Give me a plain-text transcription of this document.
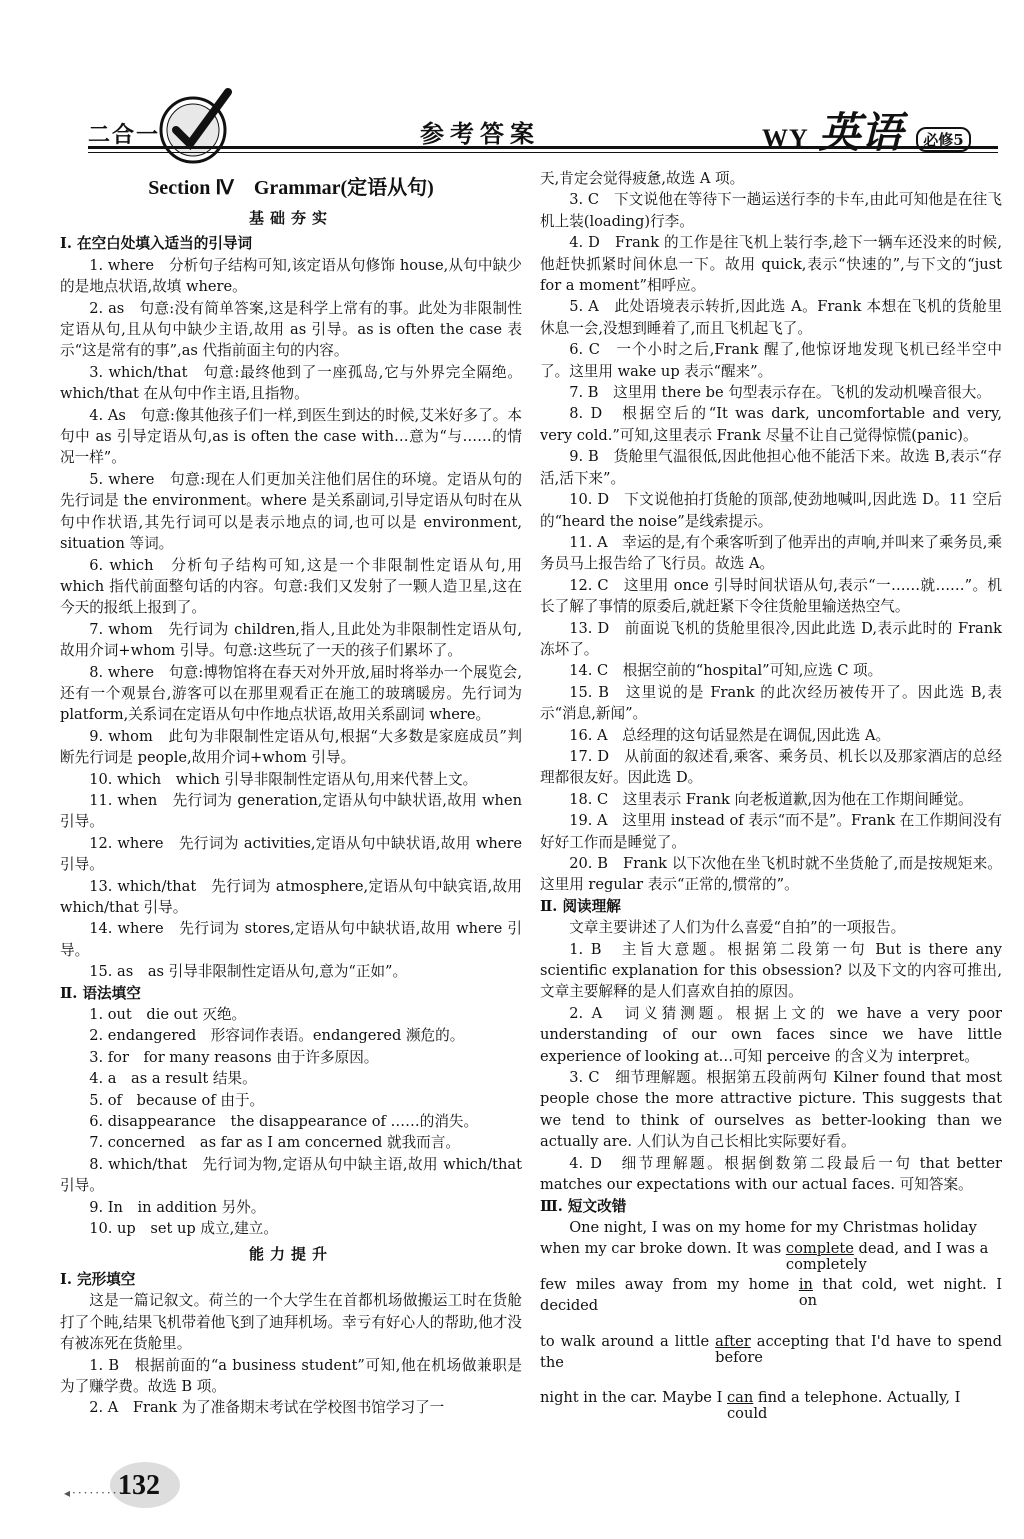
二合一	参考答案	WY 英语 必修5

Section Ⅳ　Grammar(定语从句)

基础夯实

Ⅰ. 在空白处填入适当的引导词

1. where　分析句子结构可知,该定语从句修饰 house,从句中缺少的是地点状语,故填 where。

2. as　句意:没有简单答案,这是科学上常有的事。此处为非限制性定语从句,且从句中缺少主语,故用 as 引导。as is often the case 表示“这是常有的事”,as 代指前面主句的内容。

3. which/that　句意:最终他到了一座孤岛,它与外界完全隔绝。which/that 在从句中作主语,且指物。

4. As　句意:像其他孩子们一样,到医生到达的时候,艾米好多了。本句中 as 引导定语从句,as is often the case with…意为“与……的情况一样”。

5. where　句意:现在人们更加关注他们居住的环境。定语从句的先行词是 the environment。where 是关系副词,引导定语从句时在从句中作状语,其先行词可以是表示地点的词,也可以是 environment, situation 等词。

6. which　分析句子结构可知,这是一个非限制性定语从句,用 which 指代前面整句话的内容。句意:我们又发射了一颗人造卫星,这在今天的报纸上报到了。

7. whom　先行词为 children,指人,且此处为非限制性定语从句,故用介词+whom 引导。句意:这些玩了一天的孩子们累坏了。

8. where　句意:博物馆将在春天对外开放,届时将举办一个展览会,还有一个观景台,游客可以在那里观看正在施工的玻璃暖房。先行词为 platform,关系词在定语从句中作地点状语,故用关系副词 where。

9. whom　此句为非限制性定语从句,根据“大多数是家庭成员”判断先行词是 people,故用介词+whom 引导。

10. which　which 引导非限制性定语从句,用来代替上文。

11. when　先行词为 generation,定语从句中缺状语,故用 when 引导。

12. where　先行词为 activities,定语从句中缺状语,故用 where 引导。

13. which/that　先行词为 atmosphere,定语从句中缺宾语,故用 which/that 引导。

14. where　先行词为 stores,定语从句中缺状语,故用 where 引导。

15. as　as 引导非限制性定语从句,意为“正如”。

Ⅱ. 语法填空

1. out　die out 灭绝。

2. endangered　形容词作表语。endangered 濒危的。

3. for　for many reasons 由于许多原因。

4. a　as a result 结果。

5. of　because of 由于。

6. disappearance　the disappearance of ……的消失。

7. concerned　as far as I am concerned 就我而言。

8. which/that　先行词为物,定语从句中缺主语,故用 which/that 引导。

9. In　in addition 另外。

10. up　set up 成立,建立。

能力提升

Ⅰ. 完形填空

这是一篇记叙文。荷兰的一个大学生在首都机场做搬运工时在货舱打了个盹,结果飞机带着他飞到了迪拜机场。幸亏有好心人的帮助,他才没有被冻死在货舱里。

1. B　根据前面的“a business student”可知,他在机场做兼职是为了赚学费。故选 B 项。

2. A　Frank 为了准备期末考试在学校图书馆学习了一

天,肯定会觉得疲惫,故选 A 项。

3. C　下文说他在等待下一趟运送行李的卡车,由此可知他是在往飞机上装(loading)行李。

4. D　Frank 的工作是往飞机上装行李,趁下一辆车还没来的时候,他赶快抓紧时间休息一下。故用 quick,表示“快速的”,与下文的“just for a moment”相呼应。

5. A　此处语境表示转折,因此选 A。Frank 本想在飞机的货舱里休息一会,没想到睡着了,而且飞机起飞了。

6. C　一个小时之后,Frank 醒了,他惊讶地发现飞机已经半空中了。这里用 wake up 表示“醒来”。

7. B　这里用 there be 句型表示存在。飞机的发动机噪音很大。

8. D　根据空后的“It was dark, uncomfortable and very, very cold.”可知,这里表示 Frank 尽量不让自己觉得惊慌(panic)。

9. B　货舱里气温很低,因此他担心他不能活下来。故选 B,表示“存活,活下来”。

10. D　下文说他拍打货舱的顶部,使劲地喊叫,因此选 D。11 空后的“heard the noise”是线索提示。

11. A　幸运的是,有个乘客听到了他弄出的声响,并叫来了乘务员,乘务员马上报告给了飞行员。故选 A。

12. C　这里用 once 引导时间状语从句,表示“一……就……”。机长了解了事情的原委后,就赶紧下令往货舱里输送热空气。

13. D　前面说飞机的货舱里很冷,因此此选 D,表示此时的 Frank 冻坏了。

14. C　根据空前的“hospital”可知,应选 C 项。

15. B　这里说的是 Frank 的此次经历被传开了。因此选 B,表示“消息,新闻”。

16. A　总经理的这句话显然是在调侃,因此选 A。

17. D　从前面的叙述看,乘客、乘务员、机长以及那家酒店的总经理都很友好。因此选 D。

18. C　这里表示 Frank 向老板道歉,因为他在工作期间睡觉。

19. A　这里用 instead of 表示“而不是”。Frank 在工作期间没有好好工作而是睡觉了。

20. B　Frank 以下次他在坐飞机时就不坐货舱了,而是按规矩来。这里用 regular 表示“正常的,惯常的”。

Ⅱ. 阅读理解

文章主要讲述了人们为什么喜爱“自拍”的一项报告。

1. B　主旨大意题。根据第二段第一句 But is there any scientific explanation for this obsession? 以及下文的内容可推出,文章主要解释的是人们喜欢自拍的原因。

2. A　词义猜测题。根据上文的 we have a very poor understanding of our own faces since we have little experience of looking at…可知 perceive 的含义为 interpret。

3. C　细节理解题。根据第五段前两句 Kilner found that most people chose the more attractive picture. This suggests that we tend to think of ourselves as better-looking than we actually are. 人们认为自己长相比实际要好看。

4. D　细节理解题。根据倒数第二段最后一句 that better matches our expectations with our actual faces. 可知答案。

Ⅲ. 短文改错

One night, I was on my home for my Christmas holiday

when my car broke down. It was complete
completely
dead, and I was a

few miles away from my home $\frac{in}{on}$ that cold, wet night. I decided

to walk around a little after
before
accepting that I'd have to spend the

night in the car. Maybe I can
could
find a telephone. Actually, I

◂·········
132
